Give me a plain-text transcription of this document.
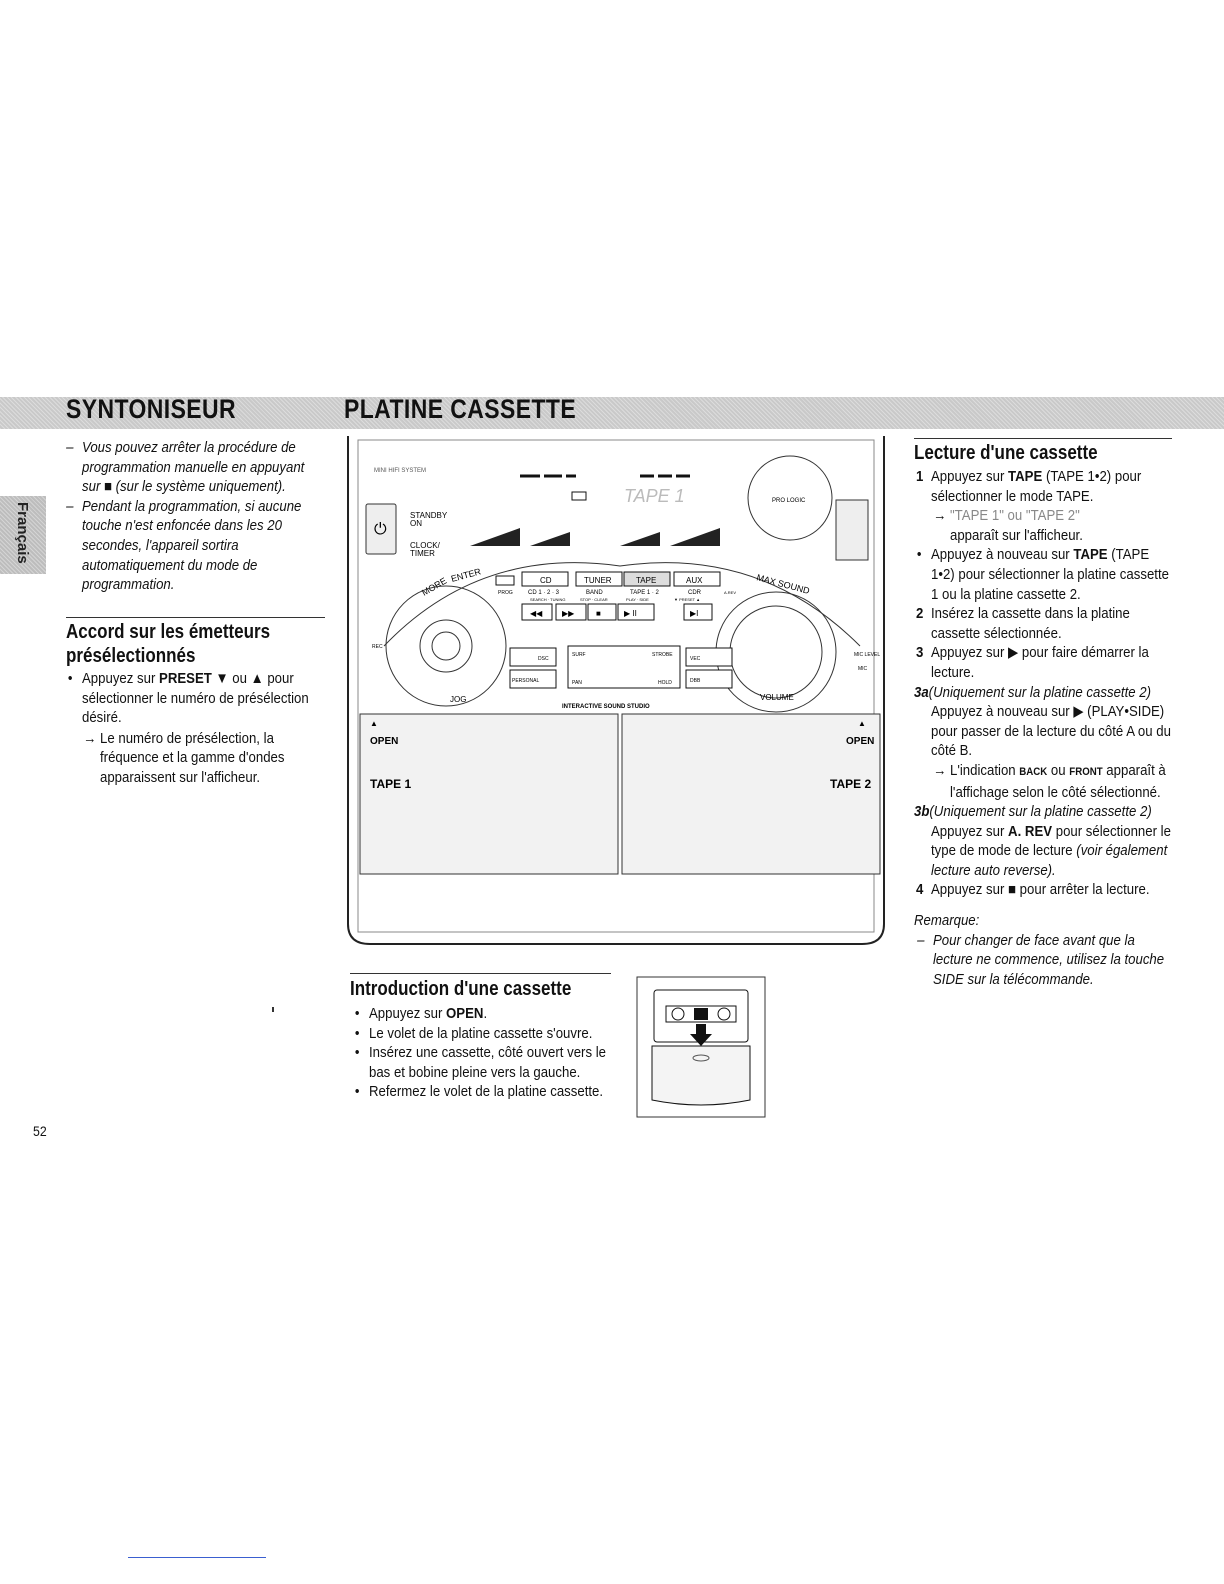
SYNTONISEUR	PLATINE CASSETTE
Français
– Vous pouvez arrêter la procédure de programmation manuelle en appuyant sur ■ (sur le système uniquement).
– Pendant la programmation, si aucune touche n'est enfoncée dans les 20 secondes, l'appareil sortira automatiquement du mode de programmation.
Accord sur les émetteurs
présélectionnés
• Appuyez sur PRESET ▼ ou ▲ pour sélectionner le numéro de présélection désiré.
→ Le numéro de présélection, la fréquence et la gamme d'ondes apparaissent sur l'afficheur.
⏻
MINI HIFI SYSTEM
STANDBY
ON
CLOCK/
TIMER
TAPE 1	PRO LOGIC
MORE
ENTER	MAX SOUND
PROG
CD	TUNER	TAPE	AUX
CD 1 · 2 · 3	BAND	TAPE 1 · 2	CDR	A.REV
SEARCH · TUNING	STOP · CLEAR	PLAY · SIDE	▼ PRESET ▲
◀◀ ▶▶	■	▶ II	▶I
JOG	VOLUME
DSC
PERSONAL
SURF	STROBE
PAN	HOLD
VEC
DBB
MIC LEVEL
MIC
REC
INTERACTIVE SOUND STUDIO
▲	▲
OPEN	OPEN
TAPE 1	TAPE 2
Introduction d'une cassette
• Appuyez sur OPEN.
• Le volet de la platine cassette s'ouvre.
• Insérez une cassette, côté ouvert vers le bas et bobine pleine vers la gauche.
• Refermez le volet de la platine cassette.
Lecture d'une cassette
1 Appuyez sur TAPE (TAPE 1•2) pour sélectionner le mode TAPE.
→ "TAPE 1" ou "TAPE 2"
apparaît sur l'afficheur.
• Appuyez à nouveau sur TAPE (TAPE 1•2) pour sélectionner la platine cassette 1 ou la platine cassette 2.
2 Insérez la cassette dans la platine cassette sélectionnée.
3 Appuyez sur ▶ pour faire démarrer la lecture.
3a(Uniquement sur la platine cassette 2)
Appuyez à nouveau sur ▶ (PLAY•SIDE) pour passer de la lecture du côté A ou du côté B.
→ L'indication BACK ou FRONT apparaît à l'affichage selon le côté sélectionné.
3b(Uniquement sur la platine cassette 2)
Appuyez sur A. REV pour sélectionner le type de mode de lecture (voir également lecture auto reverse).
4 Appuyez sur ■ pour arrêter la lecture.
Remarque:
– Pour changer de face avant que la lecture ne commence, utilisez la touche SIDE sur la télécommande.
52
